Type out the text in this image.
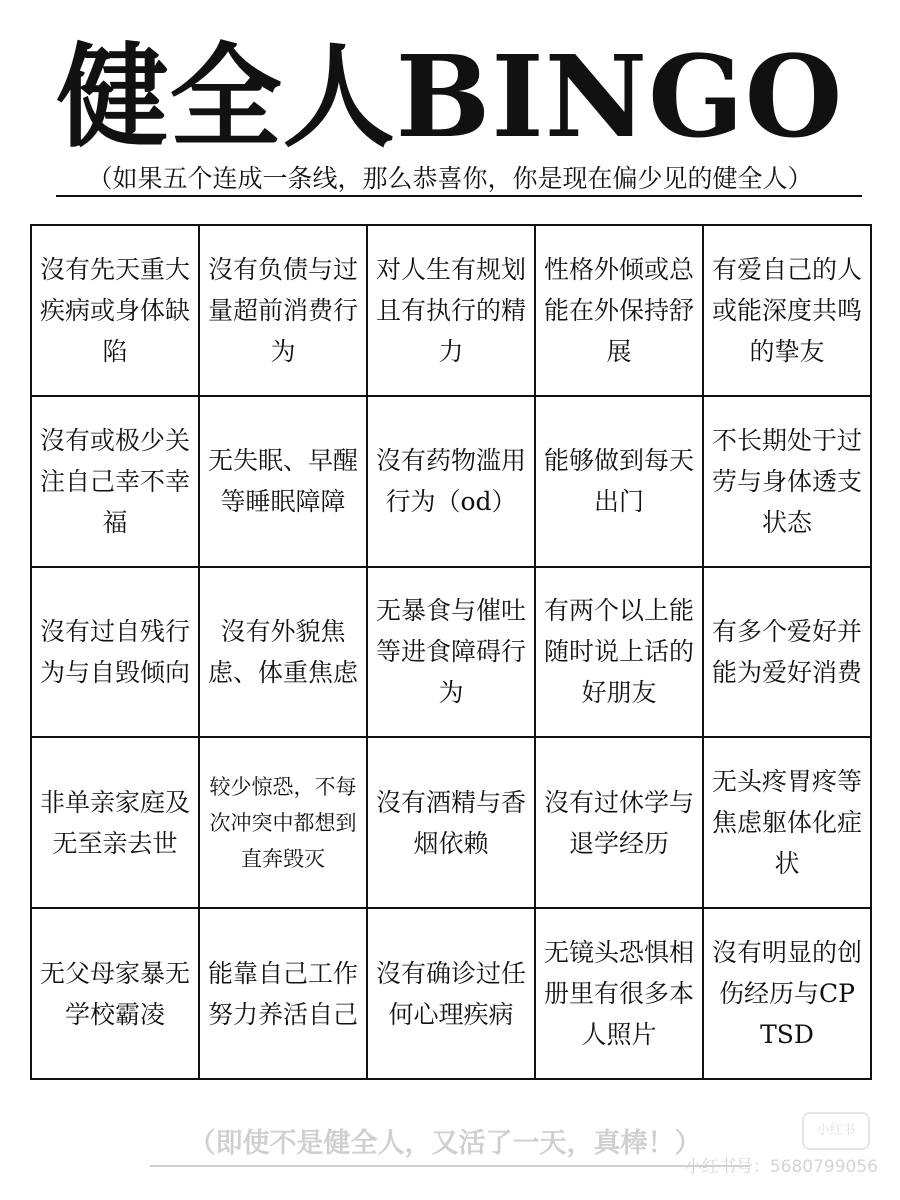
健全人BINGO
（如果五个连成一条线，那么恭喜你，你是现在偏少见的健全人）
沒有先天重大疾病或身体缺陷	沒有负债与过量超前消费行为	对人生有规划且有执行的精力	性格外倾或总能在外保持舒展	有爱自己的人或能深度共鸣的挚友
沒有或极少关注自己幸不幸福	无失眠、早醒等睡眠障障	沒有药物滥用行为（od）	能够做到每天出门	不长期处于过劳与身体透支状态
沒有过自残行为与自毁倾向	沒有外貌焦虑、体重焦虑	无暴食与催吐等进食障碍行为	有两个以上能随时说上话的好朋友	有多个爱好并能为爱好消费
非单亲家庭及无至亲去世	较少惊恐，不每次冲突中都想到直奔毁灭	沒有酒精与香烟依赖	沒有过休学与退学经历	无头疼胃疼等焦虑躯体化症状
无父母家暴无学校霸凌	能靠自己工作努力养活自己	沒有确诊过任何心理疾病	无镜头恐惧相册里有很多本人照片	沒有明显的创伤经历与CPTSD
（即使不是健全人，又活了一天，真棒！）	小红书
小红书号：5680799056
